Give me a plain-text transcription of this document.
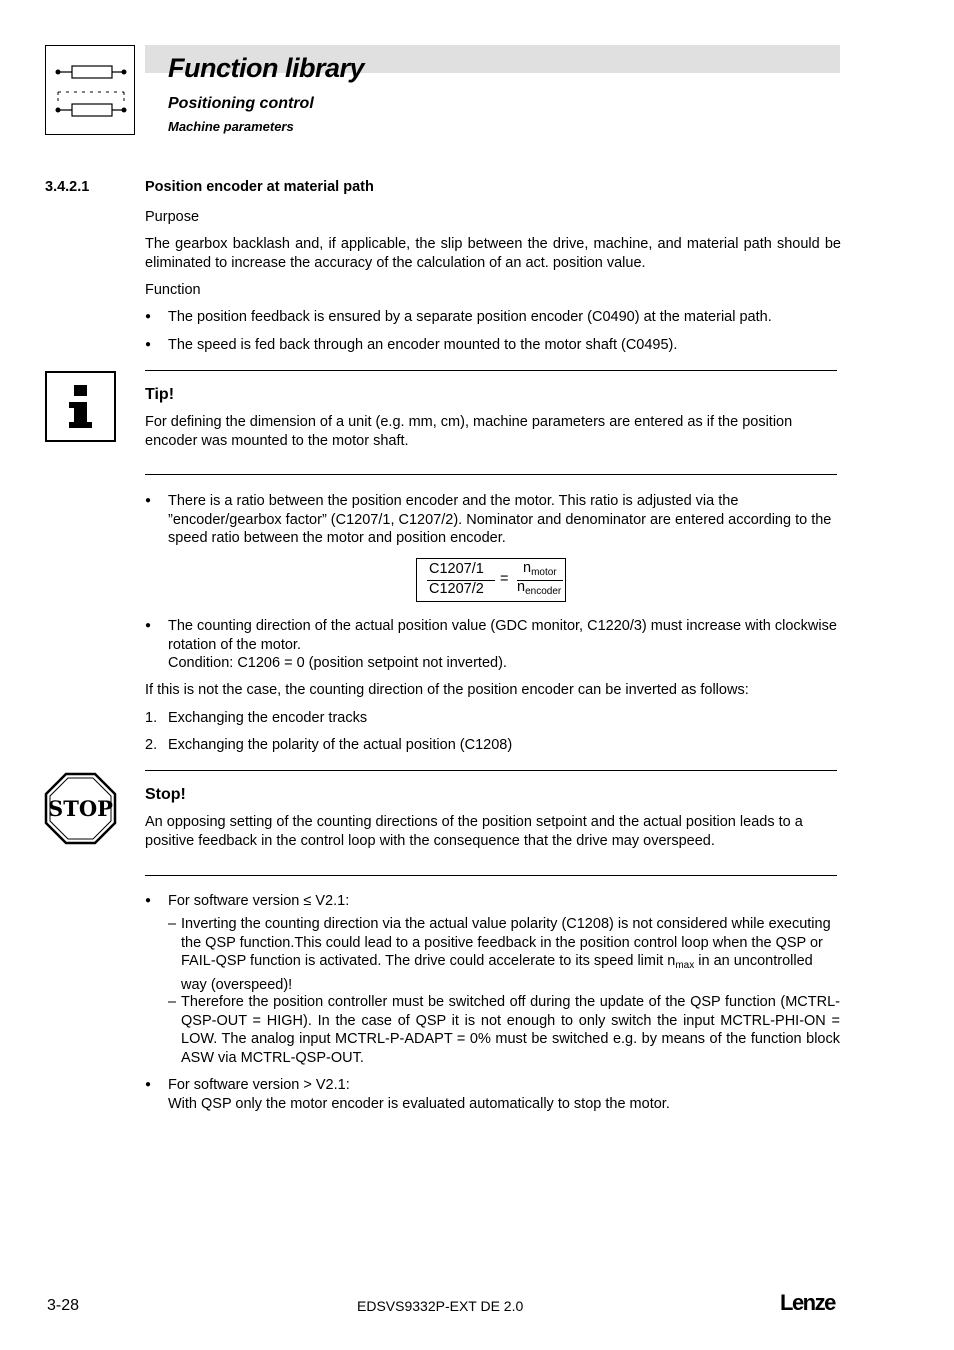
Function library
Positioning control
Machine parameters
3.4.2.1	Position encoder at material path
Purpose
The gearbox backlash and, if applicable, the slip between the drive, machine, and material path should be eliminated to increase the accuracy of the calculation of an act. position value.
Function
●	The position feedback is ensured by a separate position encoder (C0490) at the material path.
●	The speed is fed back through an encoder mounted to the motor shaft (C0495).
Tip!
For defining the dimension of a unit (e.g. mm, cm), machine parameters are entered as if the position encoder was mounted to the motor shaft.
●	There is a ratio between the position encoder and the motor. This ratio is adjusted via the ”encoder/gearbox factor” (C1207/1, C1207/2). Nominator and denominator are entered according to the speed ratio between the motor and position encoder.
C1207/1
C1207/2
=
$n_{motor}$
$n_{encoder}$
●	The counting direction of the actual position value (GDC monitor, C1220/3) must increase with clockwise rotation of the motor.
Condition: C1206 = 0 (position setpoint not inverted).
If this is not the case, the counting direction of the position encoder can be inverted as follows:
1. Exchanging the encoder tracks
2. Exchanging the polarity of the actual position (C1208)
STOP
Stop!
An opposing setting of the counting directions of the position setpoint and the actual position leads to a positive feedback in the control loop with the consequence that the drive may overspeed.
●	For software version ≤ V2.1:
– Inverting the counting direction via the actual value polarity (C1208) is not considered while executing the QSP function.This could lead to a positive feedback in the position control loop when the QSP or FAIL-QSP function is activated. The drive could accelerate to its speed limit $n_{max}$ in an uncontrolled way (overspeed)!
– Therefore the position controller must be switched off during the update of the QSP function (MCTRL-QSP-OUT = HIGH). In the case of QSP it is not enough to only switch the input MCTRL-PHI-ON = LOW. The analog input MCTRL-P-ADAPT = 0% must be switched e.g. by means of the function block ASW via MCTRL-QSP-OUT.
●	For software version > V2.1:
With QSP only the motor encoder is evaluated automatically to stop the motor.
3-28	EDSVS9332P-EXT DE 2.0	Lenze
